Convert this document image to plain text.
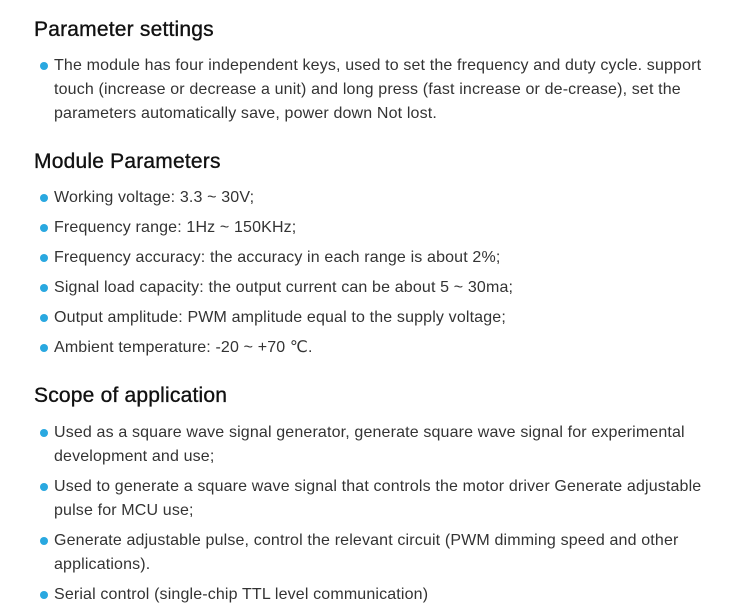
Parameter settings
The module has four independent keys, used to set the frequency and duty cycle. support touch (increase or decrease a unit) and long press (fast increase or de-crease), set the parameters automatically save, power down Not lost.
Module Parameters
Working voltage: 3.3 ~ 30V;
Frequency range: 1Hz ~ 150KHz;
Frequency accuracy: the accuracy in each range is about 2%;
Signal load capacity: the output current can be about 5 ~ 30ma;
Output amplitude: PWM amplitude equal to the supply voltage;
Ambient temperature: -20 ~ +70 ℃.
Scope of application
Used as a square wave signal generator, generate square wave signal for experimental development and use;
Used to generate a square wave signal that controls the motor driver Generate adjustable pulse for MCU use;
Generate adjustable pulse, control the relevant circuit (PWM dimming speed and other applications).
Serial control (single-chip TTL level communication)
